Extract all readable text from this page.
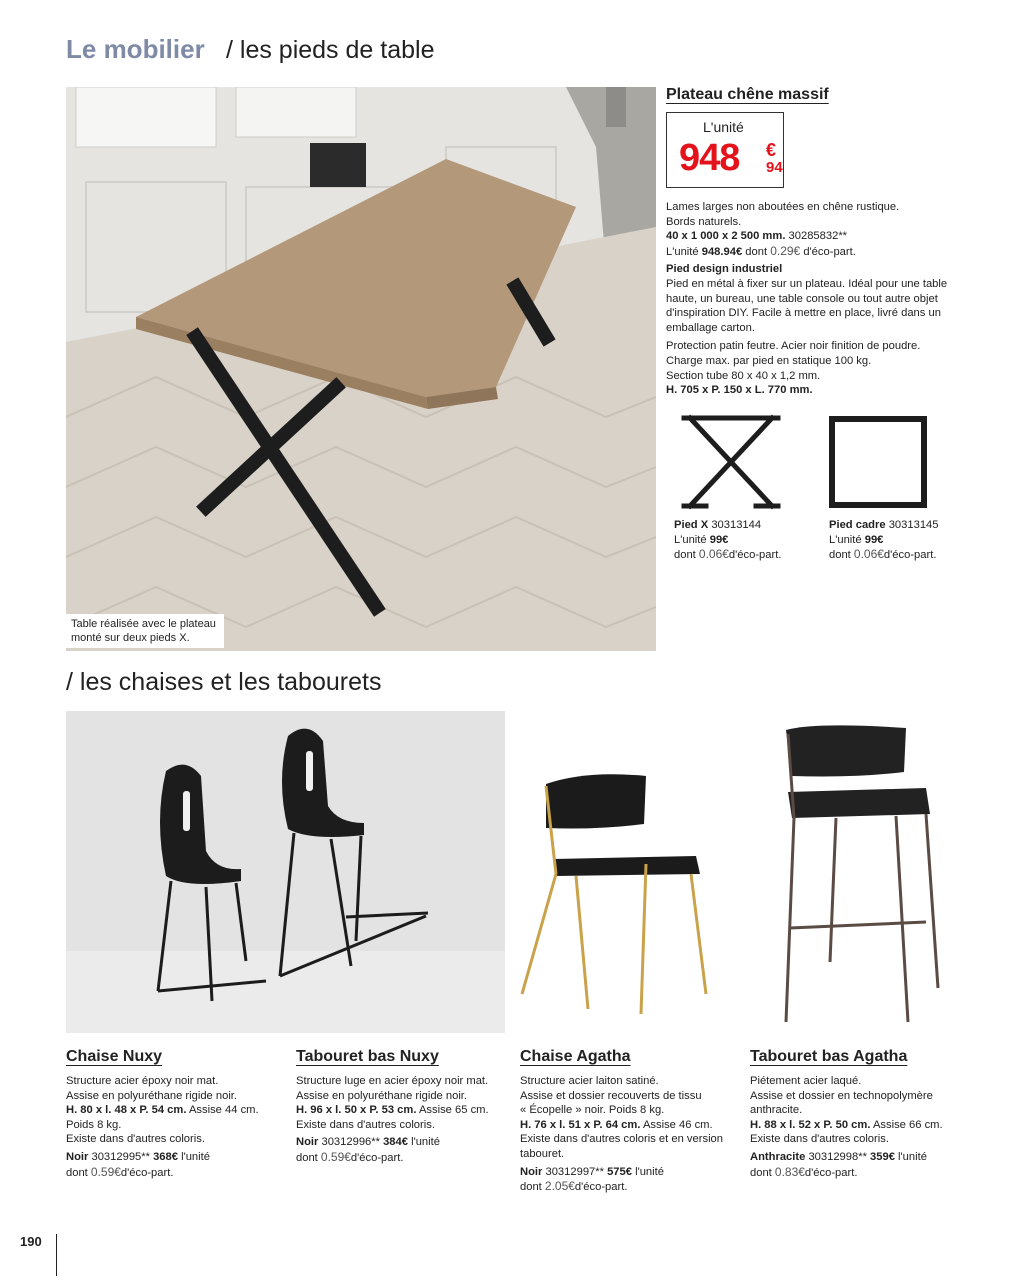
Le mobilier / les pieds de table
Table réalisée avec le plateau monté sur deux pieds X.
Plateau chêne massif
L'unité
948 €
94
Lames larges non aboutées en chêne rustique.
Bords naturels.
40 x 1 000 x 2 500 mm. 30285832**
L'unité 948.94€ dont 0.29€ d'éco-part.
Pied design industriel
Pied en métal à fixer sur un plateau. Idéal pour une table haute, un bureau, une table console ou tout autre objet d'inspiration DIY. Facile à mettre en place, livré dans un emballage carton.
Protection patin feutre. Acier noir finition de poudre.
Charge max. par pied en statique 100 kg.
Section tube 80 x 40 x 1,2 mm.
H. 705 x P. 150 x L. 770 mm.
Pied X 30313144
L'unité 99€
dont 0.06€d'éco-part.
Pied cadre 30313145
L'unité 99€
dont 0.06€d'éco-part.
/ les chaises et les tabourets
Chaise Nuxy
Structure acier époxy noir mat.
Assise en polyuréthane rigide noir.
H. 80 x l. 48 x P. 54 cm. Assise 44 cm.
Poids 8 kg.
Existe dans d'autres coloris.
Noir 30312995** 368€ l'unité
dont 0.59€d'éco-part.
Tabouret bas Nuxy
Structure luge en acier époxy noir mat.
Assise en polyuréthane rigide noir.
H. 96 x l. 50 x P. 53 cm. Assise 65 cm.
Existe dans d'autres coloris.
Noir 30312996** 384€ l'unité
dont 0.59€d'éco-part.
Chaise Agatha
Structure acier laiton satiné.
Assise et dossier recouverts de tissu
« Écopelle » noir. Poids 8 kg.
H. 76 x l. 51 x P. 64 cm. Assise 46 cm.
Existe dans d'autres coloris et en version
tabouret.
Noir 30312997** 575€ l'unité
dont 2.05€d'éco-part.
Tabouret bas Agatha
Piétement acier laqué.
Assise et dossier en technopolymère
anthracite.
H. 88 x l. 52 x P. 50 cm. Assise 66 cm.
Existe dans d'autres coloris.
Anthracite 30312998** 359€ l'unité
dont 0.83€d'éco-part.
190
